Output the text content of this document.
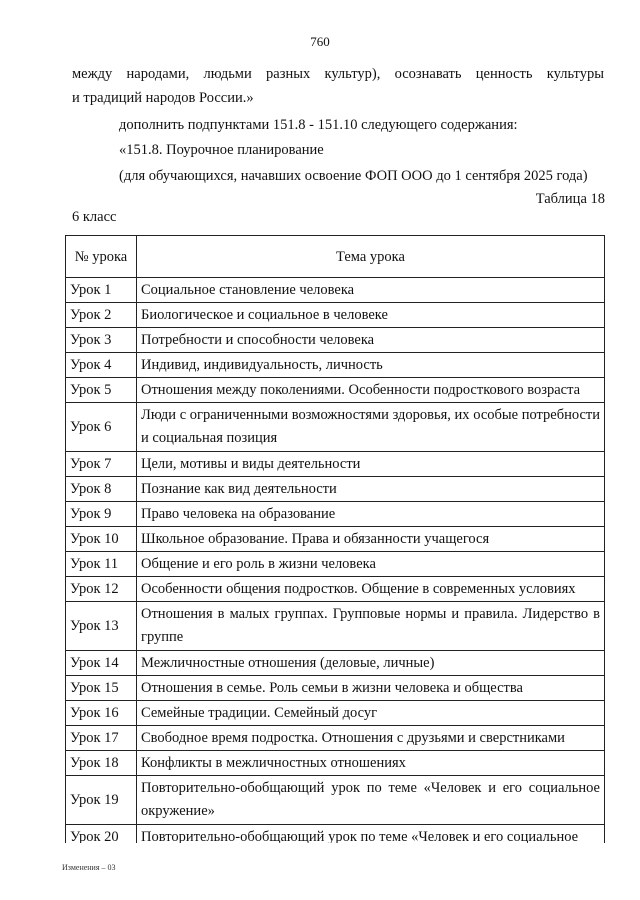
760
между народами, людьми разных культур), осознавать ценность культуры
и традиций народов России.»
дополнить подпунктами 151.8 - 151.10 следующего содержания:
«151.8. Поурочное планирование
(для обучающихся, начавших освоение ФОП ООО до 1 сентября 2025 года)
Таблица 18
6 класс
№ урока	Тема урока
Урок 1	Социальное становление человека
Урок 2	Биологическое и социальное в человеке
Урок 3	Потребности и способности человека
Урок 4	Индивид, индивидуальность, личность
Урок 5	Отношения между поколениями. Особенности подросткового возраста
Урок 6	Люди с ограниченными возможностями здоровья, их особые потребности и социальная позиция
Урок 7	Цели, мотивы и виды деятельности
Урок 8	Познание как вид деятельности
Урок 9	Право человека на образование
Урок 10	Школьное образование. Права и обязанности учащегося
Урок 11	Общение и его роль в жизни человека
Урок 12	Особенности общения подростков. Общение в современных условиях
Урок 13	Отношения в малых группах. Групповые нормы и правила. Лидерство в группе
Урок 14	Межличностные отношения (деловые, личные)
Урок 15	Отношения в семье. Роль семьи в жизни человека и общества
Урок 16	Семейные традиции. Семейный досуг
Урок 17	Свободное время подростка. Отношения с друзьями и сверстниками
Урок 18	Конфликты в межличностных отношениях
Урок 19	Повторительно-обобщающий урок по теме «Человек и его социальное окружение»
Урок 20	Повторительно-обобщающий урок по теме «Человек и его социальное
Изменения – 03
